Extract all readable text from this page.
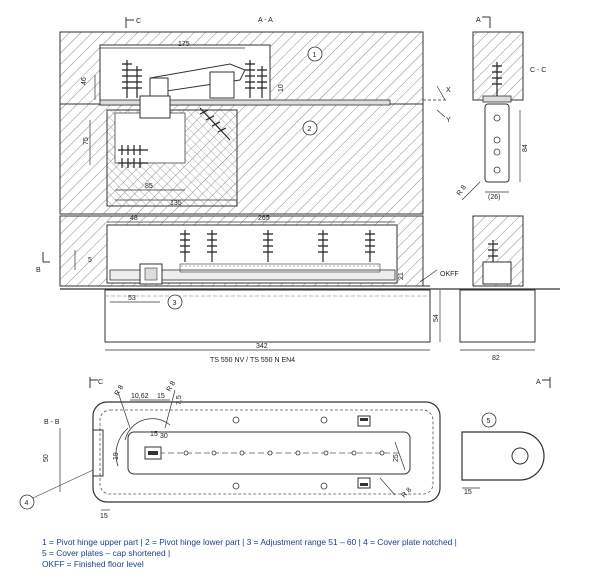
175
46
10
75
85
135
X
Y
1
2
A - A
C
48	265
5
21
53
54
342
OKFF
TS 550 NV / TS 550 N EN4
3
B
84
(26)
R 8
82
C - C
A
C	A
B - B
50
10,62 15 7,5
R 8	R 8
15 30
19
15
25
R 8
4
5
15
1 = Pivot hinge upper part | 2 = Pivot hinge lower part | 3 = Adjustment range 51 – 60 | 4 = Cover plate notched | 5 = Cover plates – cap shortened |
OKFF = Finished floor level
